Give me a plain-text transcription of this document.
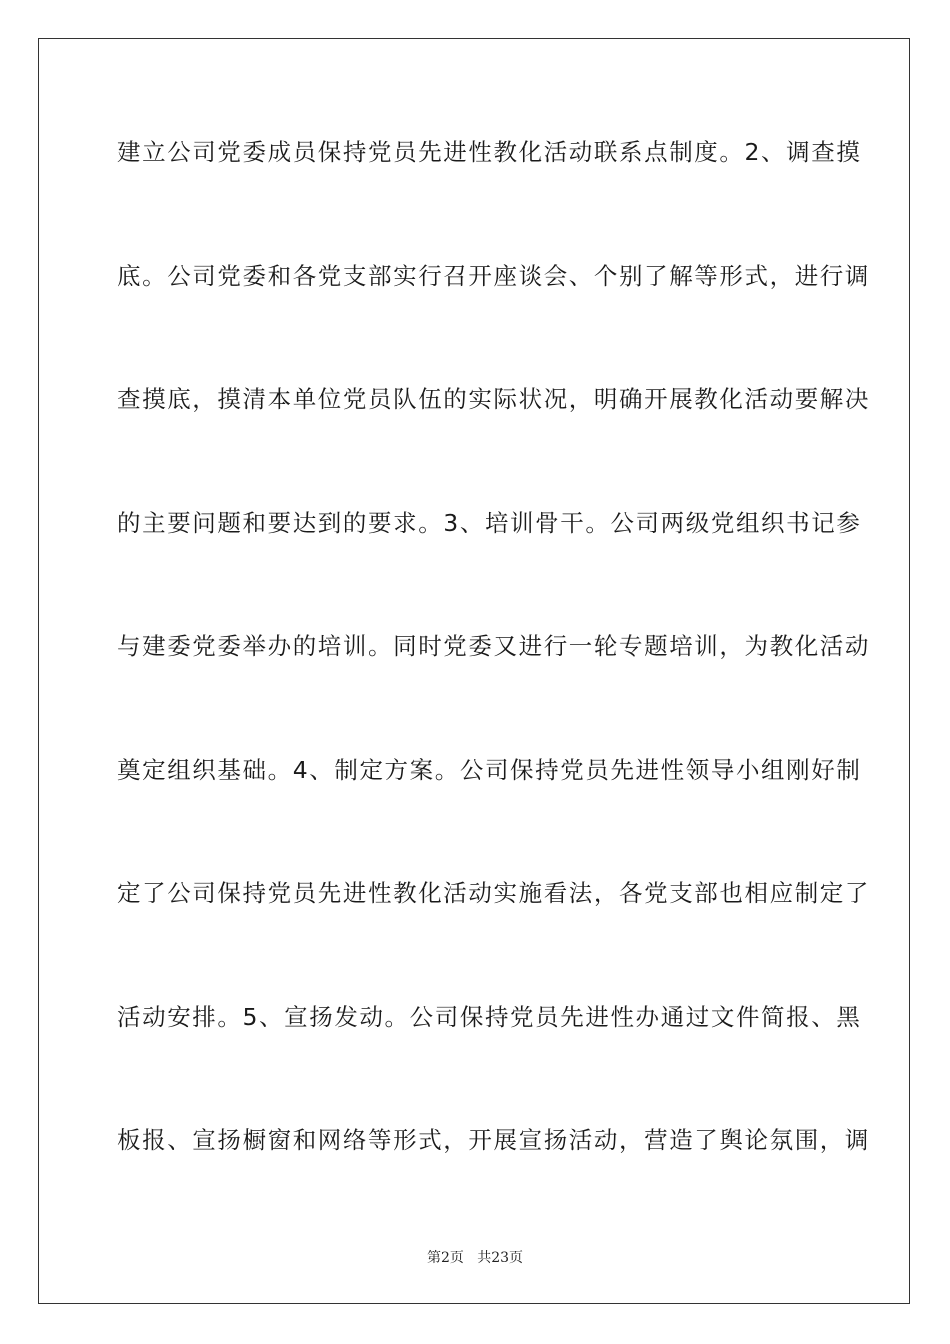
建立公司党委成员保持党员先进性教化活动联系点制度。2、调查摸
底。公司党委和各党支部实行召开座谈会、个别了解等形式，进行调
查摸底，摸清本单位党员队伍的实际状况，明确开展教化活动要解决
的主要问题和要达到的要求。3、培训骨干。公司两级党组织书记参
与建委党委举办的培训。同时党委又进行一轮专题培训，为教化活动
奠定组织基础。4、制定方案。公司保持党员先进性领导小组刚好制
定了公司保持党员先进性教化活动实施看法，各党支部也相应制定了
活动安排。5、宣扬发动。公司保持党员先进性办通过文件简报、黑
板报、宣扬橱窗和网络等形式，开展宣扬活动，营造了舆论氛围，调
第2页   共23页
